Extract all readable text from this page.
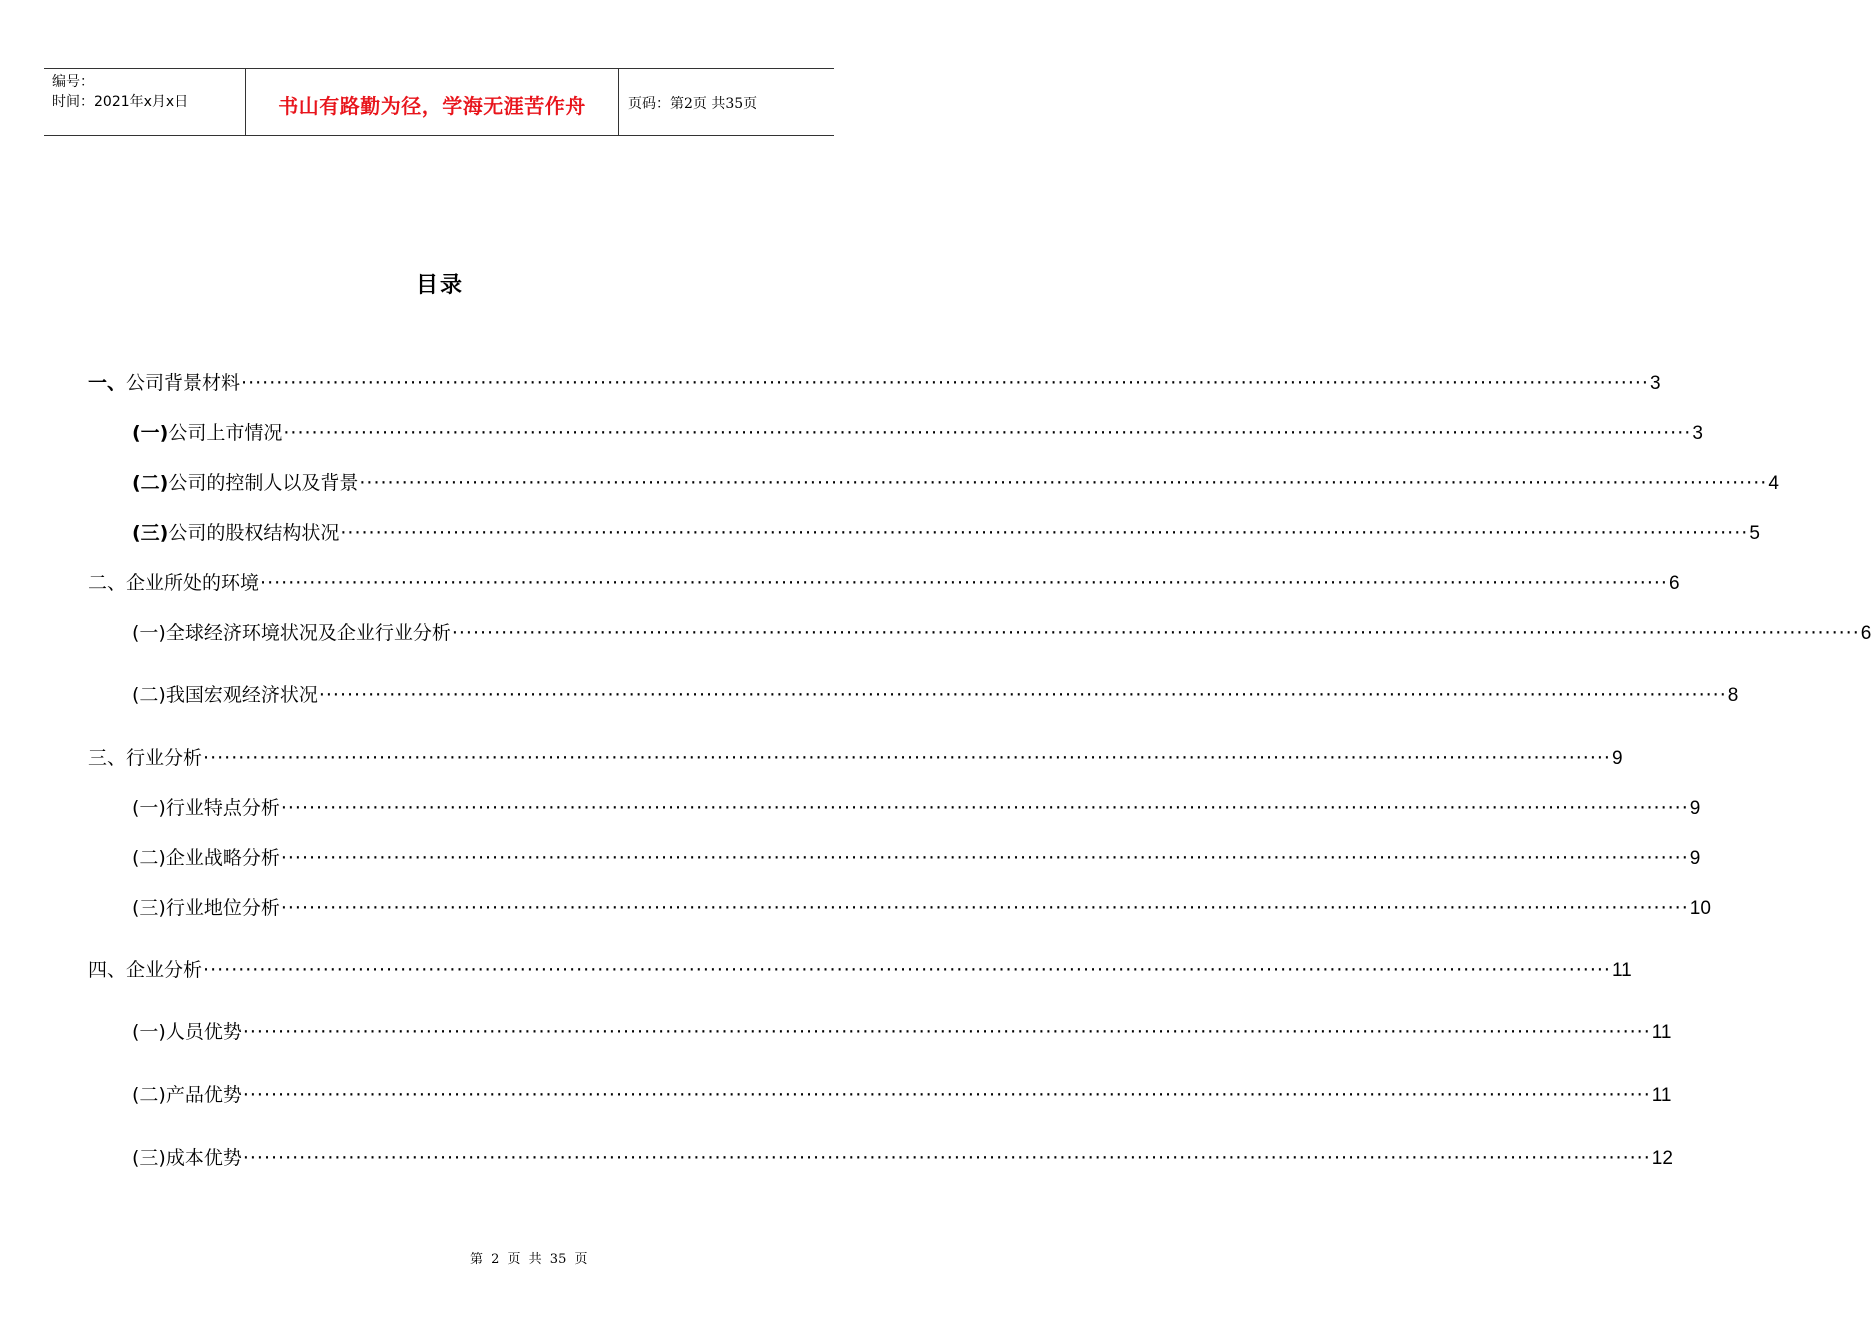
编号：
时间：2021年x月x日	书山有路勤为径，学海无涯苦作舟	页码：第2页 共35页
目录
一、 公司背景材料 ········································································································································································································ 3
(一) 公司上市情况 ········································································································································································································ 3
(二) 公司的控制人以及背景 ········································································································································································································ 4
(三) 公司的股权结构状况 ········································································································································································································ 5
二、 企业所处的环境 ········································································································································································································ 6
(一) 全球经济环境状况及企业行业分析 ········································································································································································································ 6
(二) 我国宏观经济状况 ········································································································································································································ 8
三、 行业分析 ········································································································································································································ 9
(一) 行业特点分析 ········································································································································································································ 9
(二) 企业战略分析 ········································································································································································································ 9
(三) 行业地位分析 ········································································································································································································ 10
四、 企业分析 ········································································································································································································ 11
(一) 人员优势 ········································································································································································································ 11
(二) 产品优势 ········································································································································································································ 11
(三) 成本优势 ········································································································································································································ 12
第 2 页 共 35 页
